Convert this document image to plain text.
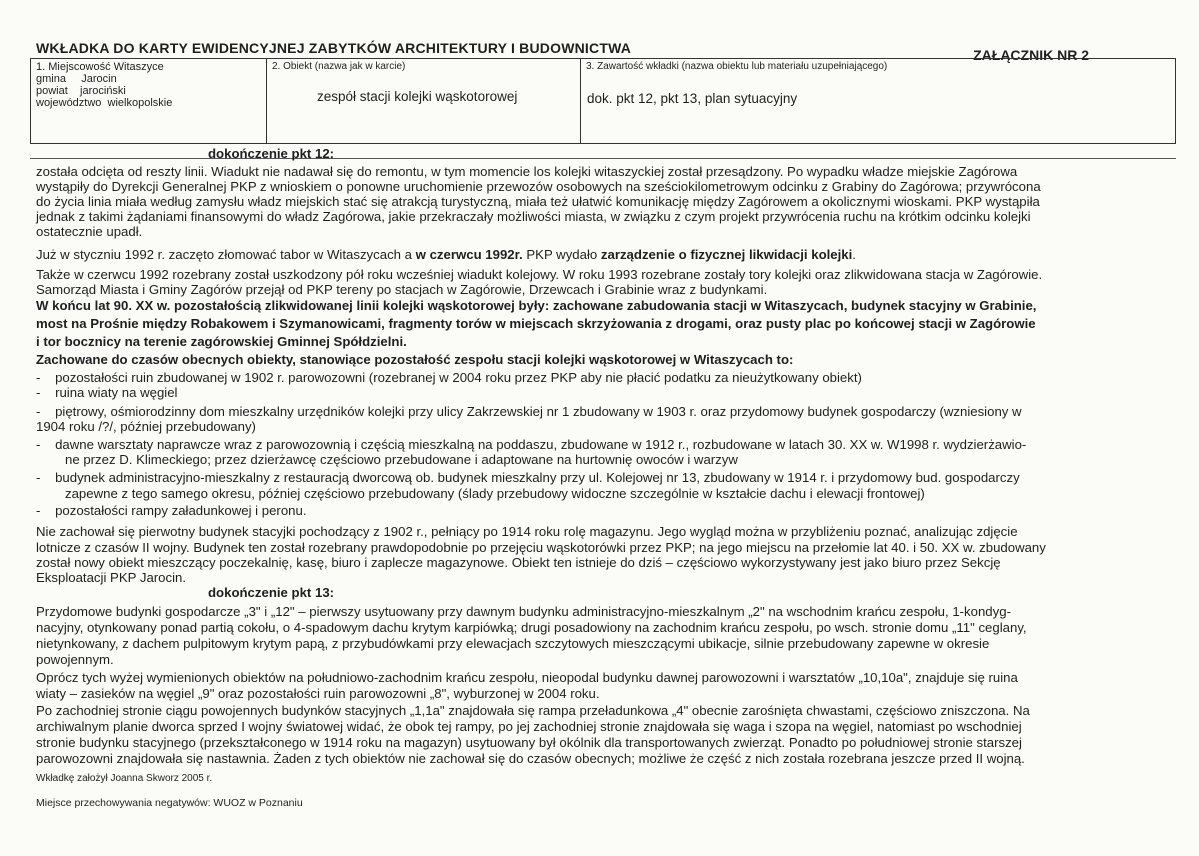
WKŁADKA DO KARTY EWIDENCYJNEJ ZABYTKÓW ARCHITEKTURY I BUDOWNICTWA	ZAŁĄCZNIK NR 2
1. Miejscowość Witaszyce
gmina Jarocin
powiat jarociński
województwo wielkopolskie
2. Obiekt (nazwa jak w karcie)
zespół stacji kolejki wąskotorowej
3. Zawartość wkładki (nazwa obiektu lub materiału uzupełniającego)
dok. pkt 12, pkt 13, plan sytuacyjny
dokończenie pkt 12:
została odcięta od reszty linii. Wiadukt nie nadawał się do remontu, w tym momencie los kolejki witaszyckiej został przesądzony. Po wypadku władze miejskie Zagórowa
wystąpiły do Dyrekcji Generalnej PKP z wnioskiem o ponowne uruchomienie przewozów osobowych na sześciokilometrowym odcinku z Grabiny do Zagórowa; przywrócona
do życia linia miała według zamysłu władz miejskich stać się atrakcją turystyczną, miała też ułatwić komunikację między Zagórowem a okolicznymi wioskami. PKP wystąpiła
jednak z takimi żądaniami finansowymi do władz Zagórowa, jakie przekraczały możliwości miasta, w związku z czym projekt przywrócenia ruchu na krótkim odcinku kolejki
ostatecznie upadł.
Już w styczniu 1992 r. zaczęto złomować tabor w Witaszycach a w czerwcu 1992r. PKP wydało zarządzenie o fizycznej likwidacji kolejki.
Także w czerwcu 1992 rozebrany został uszkodzony pół roku wcześniej wiadukt kolejowy. W roku 1993 rozebrane zostały tory kolejki oraz zlikwidowana stacja w Zagórowie.
Samorząd Miasta i Gminy Zagórów przejął od PKP tereny po stacjach w Zagórowie, Drzewcach i Grabinie wraz z budynkami.
W końcu lat 90. XX w. pozostałością zlikwidowanej linii kolejki wąskotorowej były: zachowane zabudowania stacji w Witaszycach, budynek stacyjny w Grabinie,
most na Prośnie między Robakowem i Szymanowicami, fragmenty torów w miejscach skrzyżowania z drogami, oraz pusty plac po końcowej stacji w Zagórowie
i tor bocznicy na terenie zagórowskiej Gminnej Spółdzielni.
Zachowane do czasów obecnych obiekty, stanowiące pozostałość zespołu stacji kolejki wąskotorowej w Witaszycach to:
-    pozostałości ruin zbudowanej w 1902 r. parowozowni (rozebranej w 2004 roku przez PKP aby nie płacić podatku za nieużytkowany obiekt)
-    ruina wiaty na węgiel
-    piętrowy, ośmiorodzinny dom mieszkalny urzędników kolejki przy ulicy Zakrzewskiej nr 1 zbudowany w 1903 r. oraz przydomowy budynek gospodarczy (wzniesiony w
1904 roku /?/, później przebudowany)
-    dawne warsztaty naprawcze wraz z parowozownią i częścią mieszkalną na poddaszu, zbudowane w 1912 r., rozbudowane w latach 30. XX w. W1998 r. wydzierżawio-
ne przez D. Klimeckiego; przez dzierżawcę częściowo przebudowane i adaptowane na hurtownię owoców i warzyw
-    budynek administracyjno-mieszkalny z restauracją dworcową ob. budynek mieszkalny przy ul. Kolejowej nr 13, zbudowany w 1914 r. i przydomowy bud. gospodarczy
zapewne z tego samego okresu, później częściowo przebudowany (ślady przebudowy widoczne szczególnie w kształcie dachu i elewacji frontowej)
-    pozostałości rampy załadunkowej i peronu.
Nie zachował się pierwotny budynek stacyjki pochodzący z 1902 r., pełniący po 1914 roku rolę magazynu. Jego wygląd można w przybliżeniu poznać, analizując zdjęcie
lotnicze z czasów II wojny. Budynek ten został rozebrany prawdopodobnie po przejęciu wąskotorówki przez PKP; na jego miejscu na przełomie lat 40. i 50. XX w. zbudowany
został nowy obiekt mieszczący poczekalnię, kasę, biuro i zaplecze magazynowe. Obiekt ten istnieje do dziś – częściowo wykorzystywany jest jako biuro przez Sekcję
Eksploatacji PKP Jarocin.
dokończenie pkt 13:
Przydomowe budynki gospodarcze „3" i „12" – pierwszy usytuowany przy dawnym budynku administracyjno-mieszkalnym „2" na wschodnim krańcu zespołu, 1-kondyg-
nacyjny, otynkowany ponad partią cokołu, o 4-spadowym dachu krytym karpiówką; drugi posadowiony na zachodnim krańcu zespołu, po wsch. stronie domu „11" ceglany,
nietynkowany, z dachem pulpitowym krytym papą, z przybudówkami przy elewacjach szczytowych mieszczącymi ubikacje, silnie przebudowany zapewne w okresie
powojennym.
Oprócz tych wyżej wymienionych obiektów na południowo-zachodnim krańcu zespołu, nieopodal budynku dawnej parowozowni i warsztatów „10,10a", znajduje się ruina
wiaty – zasieków na węgiel „9" oraz pozostałości ruin parowozowni „8", wyburzonej w 2004 roku.
Po zachodniej stronie ciągu powojennych budynków stacyjnych „1,1a" znajdowała się rampa przeładunkowa „4" obecnie zarośnięta chwastami, częściowo zniszczona. Na
archiwalnym planie dworca sprzed I wojny światowej widać, że obok tej rampy, po jej zachodniej stronie znajdowała się waga i szopa na węgiel, natomiast po wschodniej
stronie budynku stacyjnego (przekształconego w 1914 roku na magazyn) usytuowany był okólnik dla transportowanych zwierząt. Ponadto po południowej stronie starszej
parowozowni znajdowała się nastawnia. Żaden z tych obiektów nie zachował się do czasów obecnych; możliwe że część z nich została rozebrana jeszcze przed II wojną.
Wkładkę założył Joanna Skworz 2005 r.
Miejsce przechowywania negatywów: WUOZ w Poznaniu
